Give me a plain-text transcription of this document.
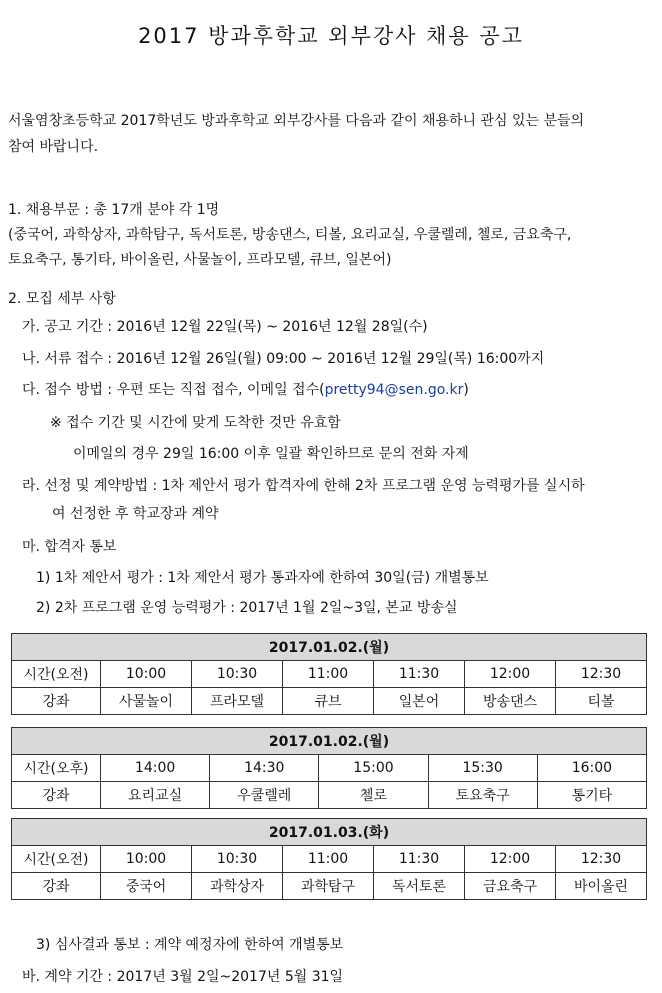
2017 방과후학교 외부강사 채용 공고
서울염창초등학교 2017학년도 방과후학교 외부강사를 다음과 같이 채용하니 관심 있는 분들의
참여 바랍니다.
1. 채용부문 : 총 17개 분야 각 1명
(중국어, 과학상자, 과학탐구, 독서토론, 방송댄스, 티볼, 요리교실, 우쿨렐레, 첼로, 금요축구,
토요축구, 통기타, 바이올린, 사물놀이, 프라모델, 큐브, 일본어)
2. 모집 세부 사항
가. 공고 기간 : 2016년 12월 22일(목) ~ 2016년 12월 28일(수)
나. 서류 접수 : 2016년 12월 26일(월) 09:00 ~ 2016년 12월 29일(목) 16:00까지
다. 접수 방법 : 우편 또는 직접 접수, 이메일 접수(pretty94@sen.go.kr)
※ 접수 기간 및 시간에 맞게 도착한 것만 유효함
이메일의 경우 29일 16:00 이후 일괄 확인하므로 문의 전화 자제
라. 선정 및 계약방법 : 1차 제안서 평가 합격자에 한해 2차 프로그램 운영 능력평가를 실시하
여 선정한 후 학교장과 계약
마. 합격자 통보
1) 1차 제안서 평가 : 1차 제안서 평가 통과자에 한하여 30일(금) 개별통보
2) 2차 프로그램 운영 능력평가 : 2017년 1월 2일~3일, 본교 방송실
2017.01.02.(월)						
시간(오전)	10:00	10:30	11:00	11:30	12:00	12:30
강좌	사물놀이	프라모델	큐브	일본어	방송댄스	티볼
2017.01.02.(월)					
시간(오후)	14:00	14:30	15:00	15:30	16:00
강좌	요리교실	우쿨렐레	첼로	토요축구	통기타
2017.01.03.(화)						
시간(오전)	10:00	10:30	11:00	11:30	12:00	12:30
강좌	중국어	과학상자	과학탐구	독서토론	금요축구	바이올린
3) 심사결과 통보 : 계약 예정자에 한하여 개별통보
바. 계약 기간 : 2017년 3월 2일~2017년 5월 31일
